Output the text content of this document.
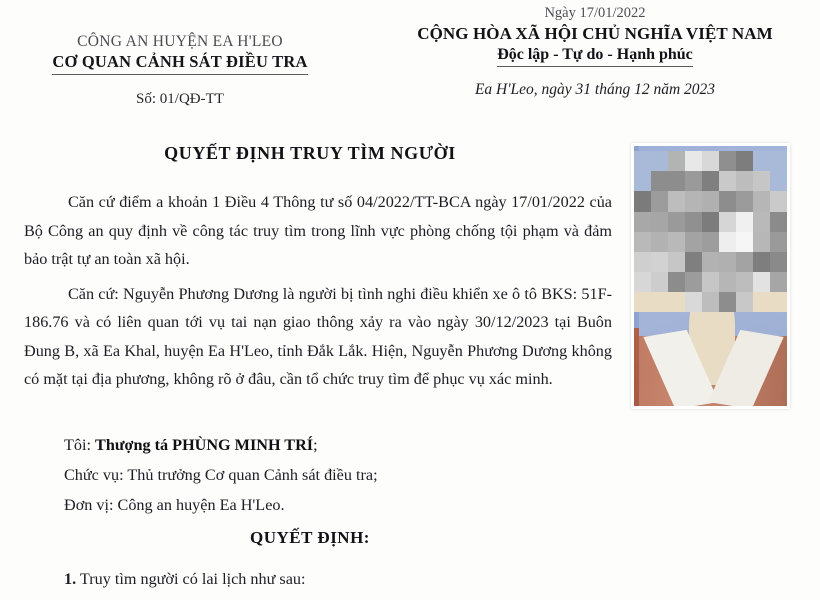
CÔNG AN HUYỆN EA H'LEO
CƠ QUAN CẢNH SÁT ĐIỀU TRA
Số: 01/QĐ-TT
Ngày 17/01/2022
CỘNG HÒA XÃ HỘI CHỦ NGHĨA VIỆT NAM
Độc lập - Tự do - Hạnh phúc
Ea H'Leo, ngày 31 tháng 12 năm 2023
QUYẾT ĐỊNH TRUY TÌM NGƯỜI

Căn cứ điểm a khoản 1 Điều 4 Thông tư số 04/2022/TT-BCA ngày 17/01/2022 của Bộ Công an quy định về công tác truy tìm trong lĩnh vực phòng chống tội phạm và đảm bảo trật tự an toàn xã hội.

Căn cứ: Nguyễn Phương Dương là người bị tình nghi điều khiển xe ô tô BKS: 51F-186.76 và có liên quan tới vụ tai nạn giao thông xảy ra vào ngày 30/12/2023 tại Buôn Đung B, xã Ea Khal, huyện Ea H'Leo, tỉnh Đắk Lắk. Hiện, Nguyễn Phương Dương không có mặt tại địa phương, không rõ ở đâu, cần tổ chức truy tìm để phục vụ xác minh.

Tôi: Thượng tá PHÙNG MINH TRÍ;
Chức vụ: Thủ trưởng Cơ quan Cảnh sát điều tra;
Đơn vị: Công an huyện Ea H'Leo.
QUYẾT ĐỊNH:
1. Truy tìm người có lai lịch như sau:
